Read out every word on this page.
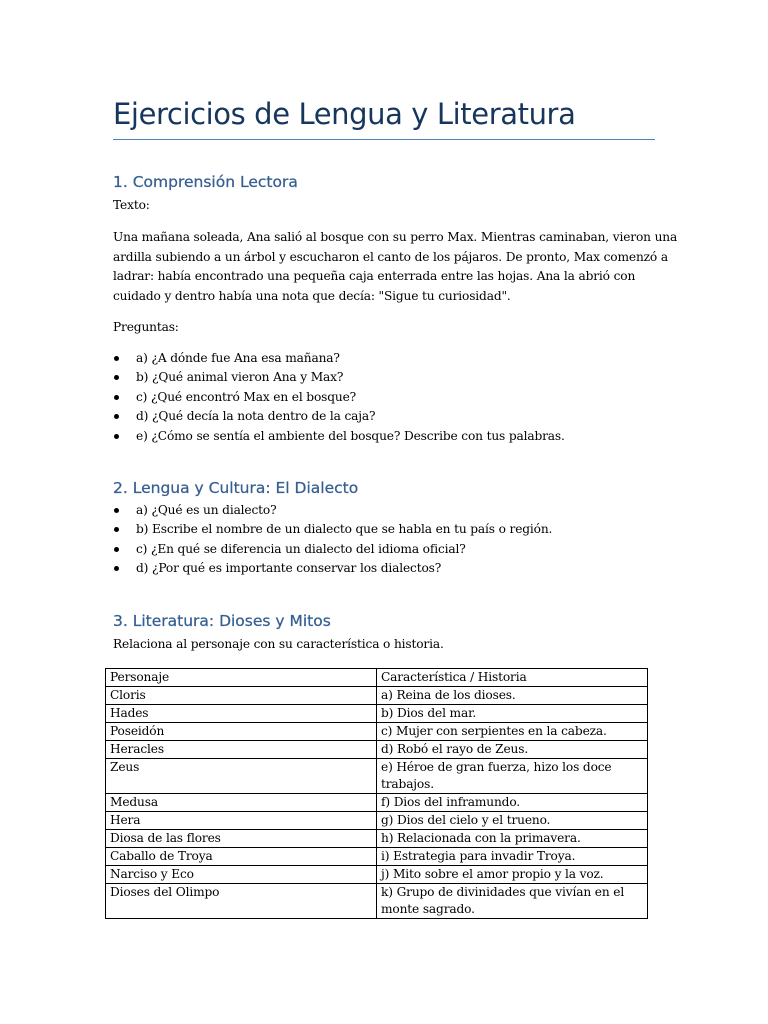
Ejercicios de Lengua y Literatura
1. Comprensión Lectora

Texto:

Una mañana soleada, Ana salió al bosque con su perro Max. Mientras caminaban, vieron una
ardilla subiendo a un árbol y escucharon el canto de los pájaros. De pronto, Max comenzó a
ladrar: había encontrado una pequeña caja enterrada entre las hojas. Ana la abrió con
cuidado y dentro había una nota que decía: "Sigue tu curiosidad".

Preguntas:

a) ¿A dónde fue Ana esa mañana?
b) ¿Qué animal vieron Ana y Max?
c) ¿Qué encontró Max en el bosque?
d) ¿Qué decía la nota dentro de la caja?
e) ¿Cómo se sentía el ambiente del bosque? Describe con tus palabras.
2. Lengua y Cultura: El Dialecto
a) ¿Qué es un dialecto?
b) Escribe el nombre de un dialecto que se habla en tu país o región.
c) ¿En qué se diferencia un dialecto del idioma oficial?
d) ¿Por qué es importante conservar los dialectos?
3. Literatura: Dioses y Mitos

Relaciona al personaje con su característica o historia.

Personaje	Característica / Historia
Cloris	a) Reina de los dioses.
Hades	b) Dios del mar.
Poseidón	c) Mujer con serpientes en la cabeza.
Heracles	d) Robó el rayo de Zeus.
Zeus	e) Héroe de gran fuerza, hizo los doce
trabajos.
Medusa	f) Dios del inframundo.
Hera	g) Dios del cielo y el trueno.
Diosa de las flores	h) Relacionada con la primavera.
Caballo de Troya	i) Estrategia para invadir Troya.
Narciso y Eco	j) Mito sobre el amor propio y la voz.
Dioses del Olimpo	k) Grupo de divinidades que vivían en el
monte sagrado.
